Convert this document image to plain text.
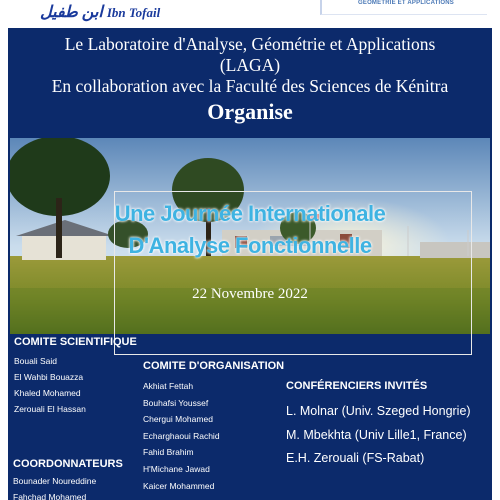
ابن طفيل Ibn Tofail
GÉOMETRIE ET APPLICATIONS
Le Laboratoire d'Analyse, Géométrie et Applications
(LAGA)
En collaboration avec la Faculté des Sciences de Kénitra
Organise
Une Journée Internationale
D'Analyse Fonctionnelle
22 Novembre 2022
COMITE SCIENTIFIQUE
Bouali Said
El Wahbi Bouazza
Khaled Mohamed
Zerouali El Hassan
COORDONNATEURS
Bounader Noureddine
Fahchad Mohamed
COMITE D'ORGANISATION
Akhiat Fettah
Bouhafsi Youssef
Chergui Mohamed
Echarghaoui Rachid
Fahid Brahim
H'Michane Jawad
Kaicer Mohammed
CONFÉRENCIERS INVITÉS
L. Molnar (Univ. Szeged Hongrie)
M. Mbekhta (Univ Lille1, France)
E.H. Zerouali (FS-Rabat)
